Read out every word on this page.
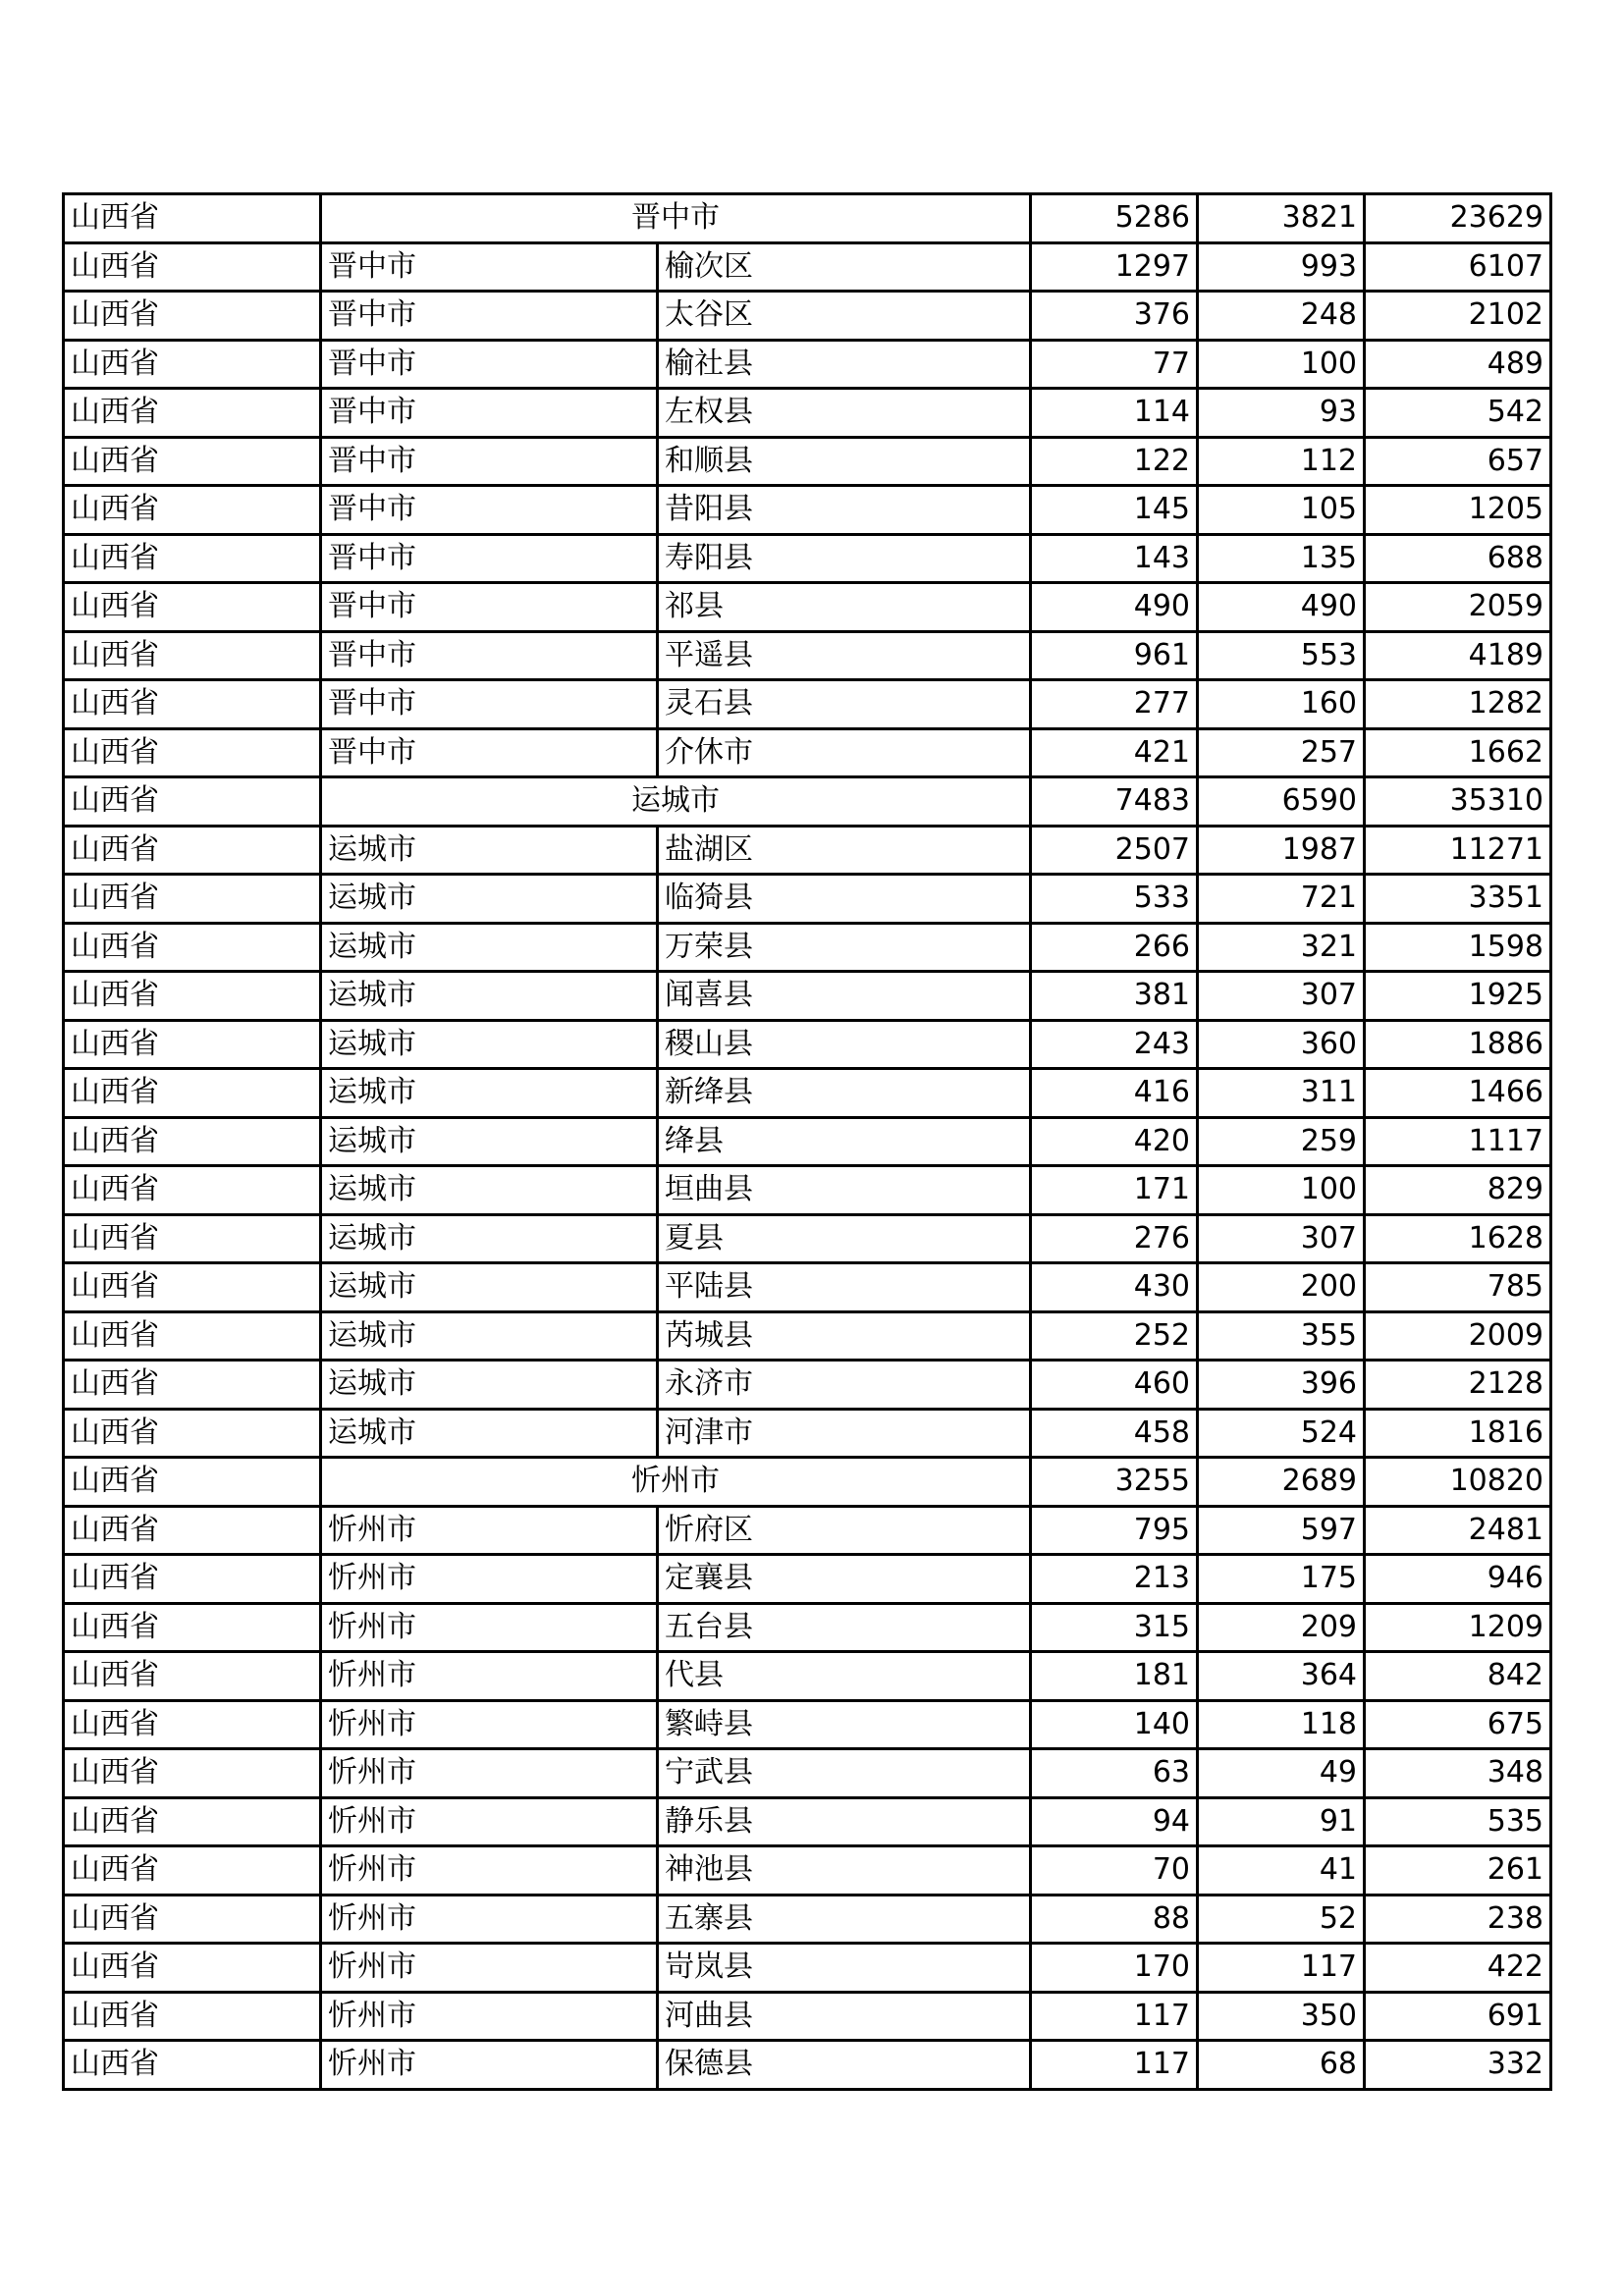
山西省	晋中市		5286	3821	23629
山西省	晋中市	榆次区	1297	993	6107
山西省	晋中市	太谷区	376	248	2102
山西省	晋中市	榆社县	77	100	489
山西省	晋中市	左权县	114	93	542
山西省	晋中市	和顺县	122	112	657
山西省	晋中市	昔阳县	145	105	1205
山西省	晋中市	寿阳县	143	135	688
山西省	晋中市	祁县	490	490	2059
山西省	晋中市	平遥县	961	553	4189
山西省	晋中市	灵石县	277	160	1282
山西省	晋中市	介休市	421	257	1662
山西省	运城市		7483	6590	35310
山西省	运城市	盐湖区	2507	1987	11271
山西省	运城市	临猗县	533	721	3351
山西省	运城市	万荣县	266	321	1598
山西省	运城市	闻喜县	381	307	1925
山西省	运城市	稷山县	243	360	1886
山西省	运城市	新绛县	416	311	1466
山西省	运城市	绛县	420	259	1117
山西省	运城市	垣曲县	171	100	829
山西省	运城市	夏县	276	307	1628
山西省	运城市	平陆县	430	200	785
山西省	运城市	芮城县	252	355	2009
山西省	运城市	永济市	460	396	2128
山西省	运城市	河津市	458	524	1816
山西省	忻州市		3255	2689	10820
山西省	忻州市	忻府区	795	597	2481
山西省	忻州市	定襄县	213	175	946
山西省	忻州市	五台县	315	209	1209
山西省	忻州市	代县	181	364	842
山西省	忻州市	繁峙县	140	118	675
山西省	忻州市	宁武县	63	49	348
山西省	忻州市	静乐县	94	91	535
山西省	忻州市	神池县	70	41	261
山西省	忻州市	五寨县	88	52	238
山西省	忻州市	岢岚县	170	117	422
山西省	忻州市	河曲县	117	350	691
山西省	忻州市	保德县	117	68	332
